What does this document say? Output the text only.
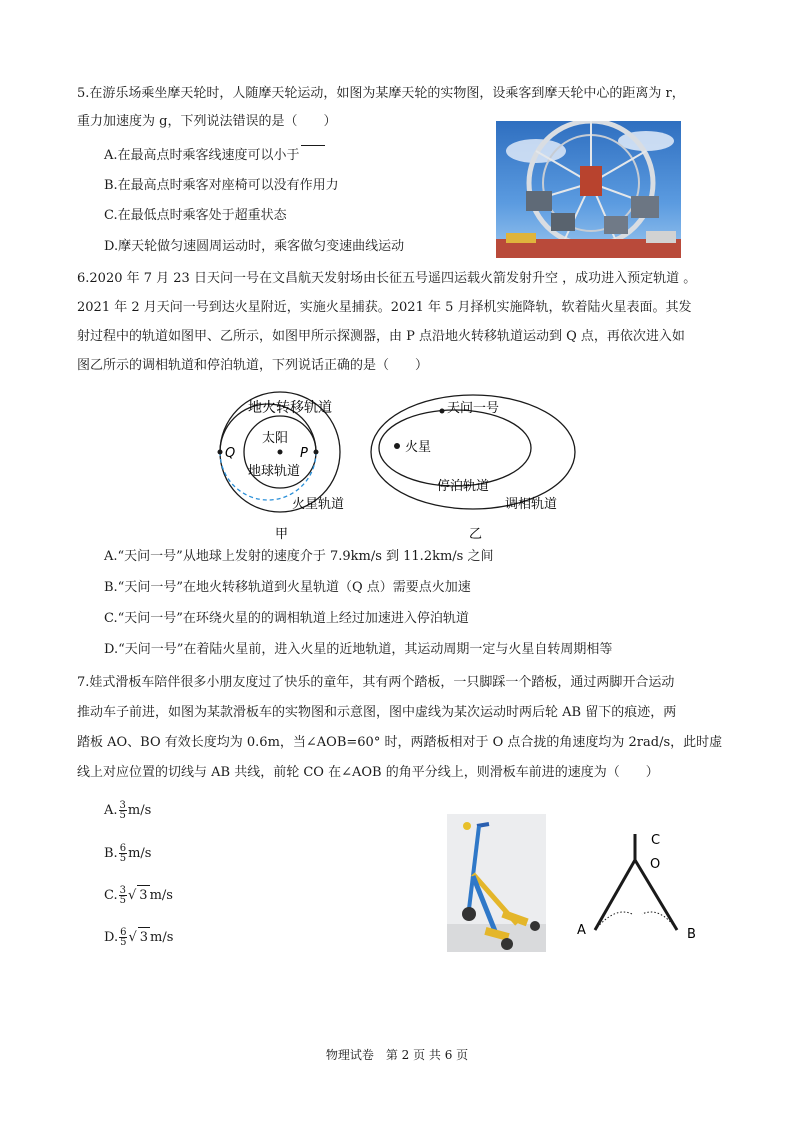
5.在游乐场乘坐摩天轮时，人随摩天轮运动，如图为某摩天轮的实物图，设乘客到摩天轮中心的距离为 r，
重力加速度为 g，下列说法错误的是（　　）
A.在最高点时乘客线速度可以小于 ​
B.在最高点时乘客对座椅可以没有作用力
C.在最低点时乘客处于超重状态
D.摩天轮做匀速圆周运动时，乘客做匀变速曲线运动
6.2020 年 7 月 23 日天问一号在文昌航天发射场由长征五号遥四运载火箭发射升空 ，成功进入预定轨道 。
2021 年 2 月天问一号到达火星附近，实施火星捕获。2021 年 5 月择机实施降轨，软着陆火星表面。其发
射过程中的轨道如图甲、乙所示，如图甲所示探测器，由 P 点沿地火转移轨道运动到 Q 点，再依次进入如
图乙所示的调相轨道和停泊轨道，下列说话正确的是（　　）
地火转移轨道
太阳
Q	P
地球轨道
火星轨道
甲
天问一号
火星
停泊轨道
调相轨道
乙
A.“天问一号”从地球上发射的速度介于 7.9km/s 到 11.2km/s 之间
B.“天问一号”在地火转移轨道到火星轨道（Q 点）需要点火加速
C.“天问一号”在环绕火星的的调相轨道上经过加速进入停泊轨道
D.“天问一号”在着陆火星前，进入火星的近地轨道，其运动周期一定与火星自转周期相等
7.娃式滑板车陪伴很多小朋友度过了快乐的童年，其有两个踏板，一只脚踩一个踏板，通过两脚开合运动
推动车子前进，如图为某款滑板车的实物图和示意图，图中虚线为某次运动时两后轮 AB 留下的痕迹，两
踏板 AO、BO 有效长度均为 0.6m，当∠AOB=60° 时，两踏板相对于 O 点合拢的角速度均为 2rad/s，此时虚
线上对应位置的切线与 AB 共线，前轮 CO 在∠AOB 的角平分线上，则滑板车前进的速度为（　　）
A. $\frac{3}{5} m/s$
B. $\frac{6}{5} m/s$
C. $\frac{3}{5}$ √ 3 m/s
D. $\frac{6}{5}$ √ 3 m/s
C
O
A	B
物理试卷　第 2 页 共 6 页
